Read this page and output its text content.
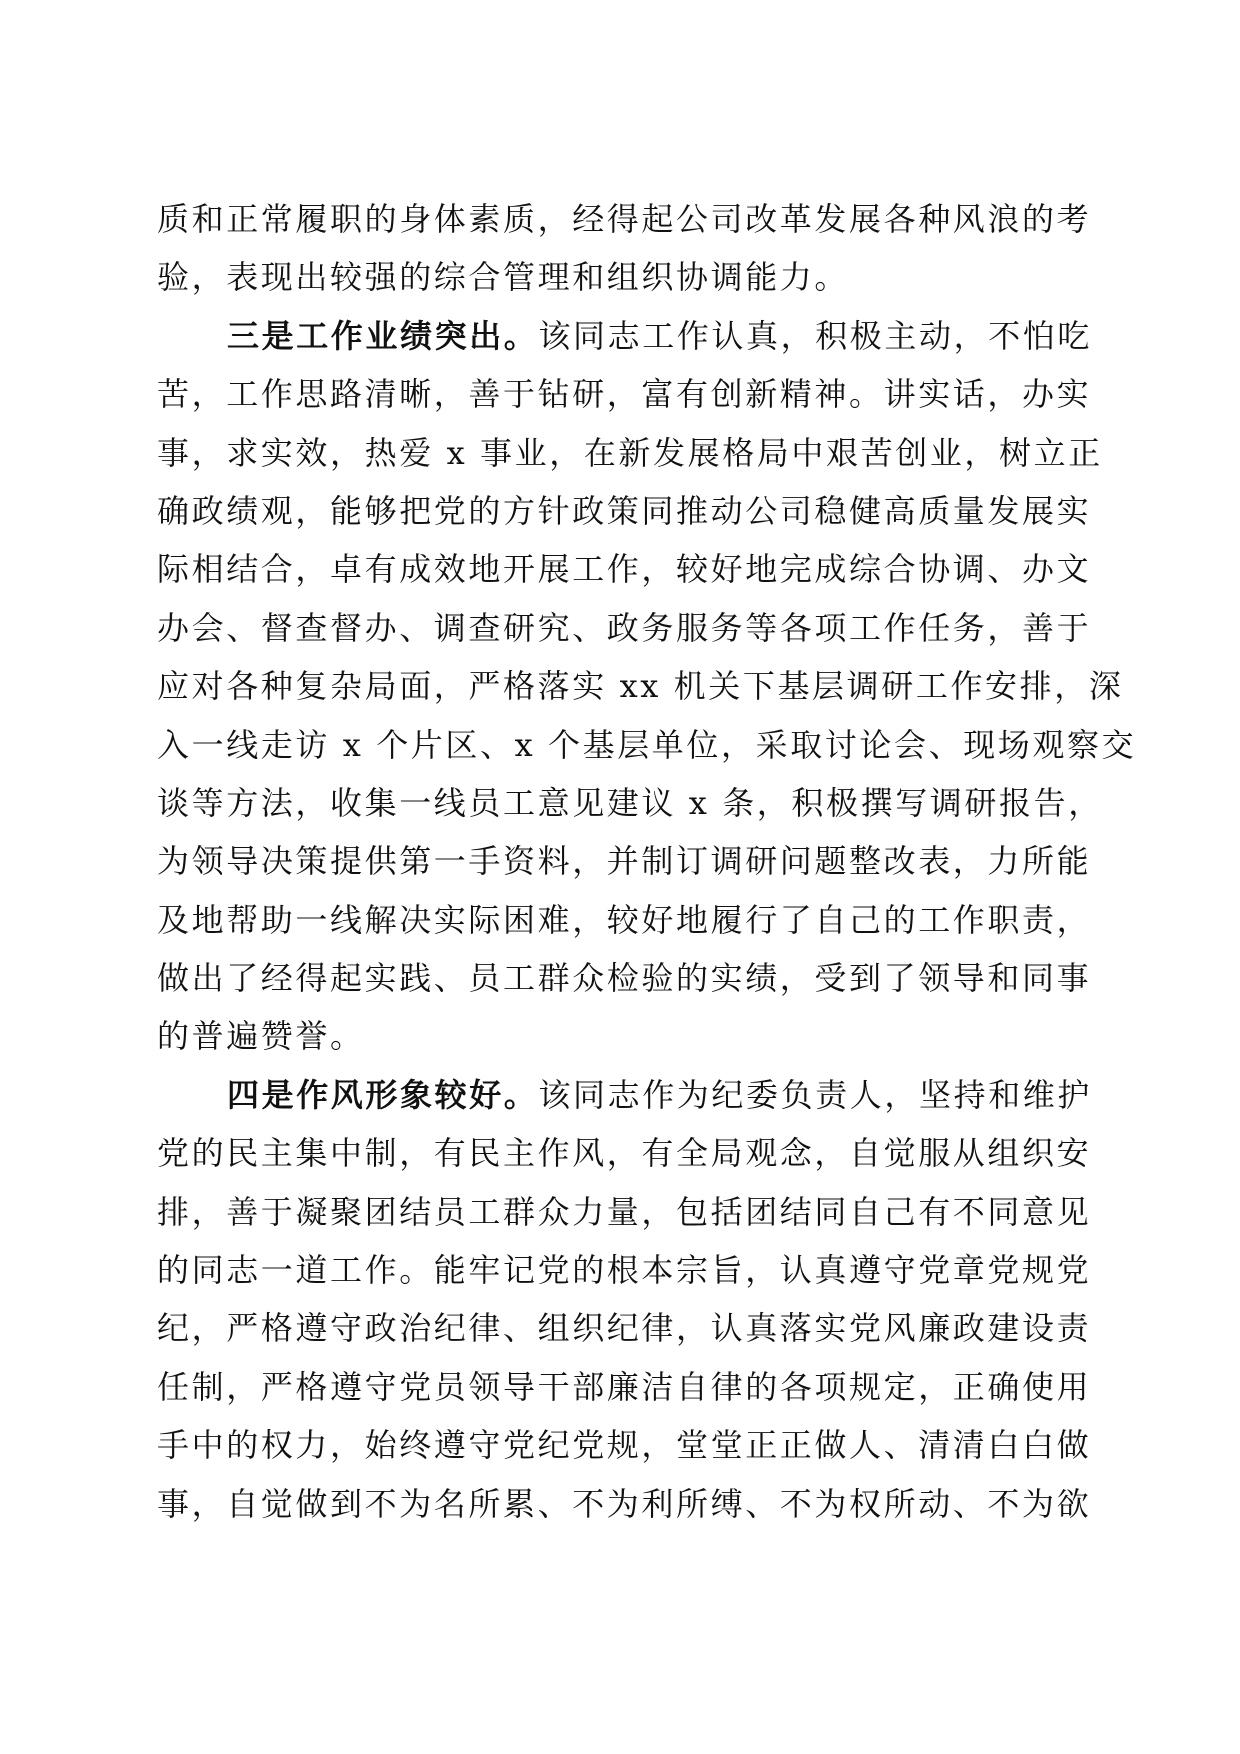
质和正常履职的身体素质，经得起公司改革发展各种风浪的考
验，表现出较强的综合管理和组织协调能力。
三是工作业绩突出。该同志工作认真，积极主动，不怕吃
苦，工作思路清晰，善于钻研，富有创新精神。讲实话，办实
事，求实效，热爱 x 事业，在新发展格局中艰苦创业，树立正
确政绩观，能够把党的方针政策同推动公司稳健高质量发展实
际相结合，卓有成效地开展工作，较好地完成综合协调、办文
办会、督查督办、调查研究、政务服务等各项工作任务，善于
应对各种复杂局面，严格落实 xx 机关下基层调研工作安排，深
入一线走访 x 个片区、x 个基层单位，采取讨论会、现场观察交
谈等方法，收集一线员工意见建议 x 条，积极撰写调研报告，
为领导决策提供第一手资料，并制订调研问题整改表，力所能
及地帮助一线解决实际困难，较好地履行了自己的工作职责，
做出了经得起实践、员工群众检验的实绩，受到了领导和同事
的普遍赞誉。
四是作风形象较好。该同志作为纪委负责人，坚持和维护
党的民主集中制，有民主作风，有全局观念，自觉服从组织安
排，善于凝聚团结员工群众力量，包括团结同自己有不同意见
的同志一道工作。能牢记党的根本宗旨，认真遵守党章党规党
纪，严格遵守政治纪律、组织纪律，认真落实党风廉政建设责
任制，严格遵守党员领导干部廉洁自律的各项规定，正确使用
手中的权力，始终遵守党纪党规，堂堂正正做人、清清白白做
事，自觉做到不为名所累、不为利所缚、不为权所动、不为欲
